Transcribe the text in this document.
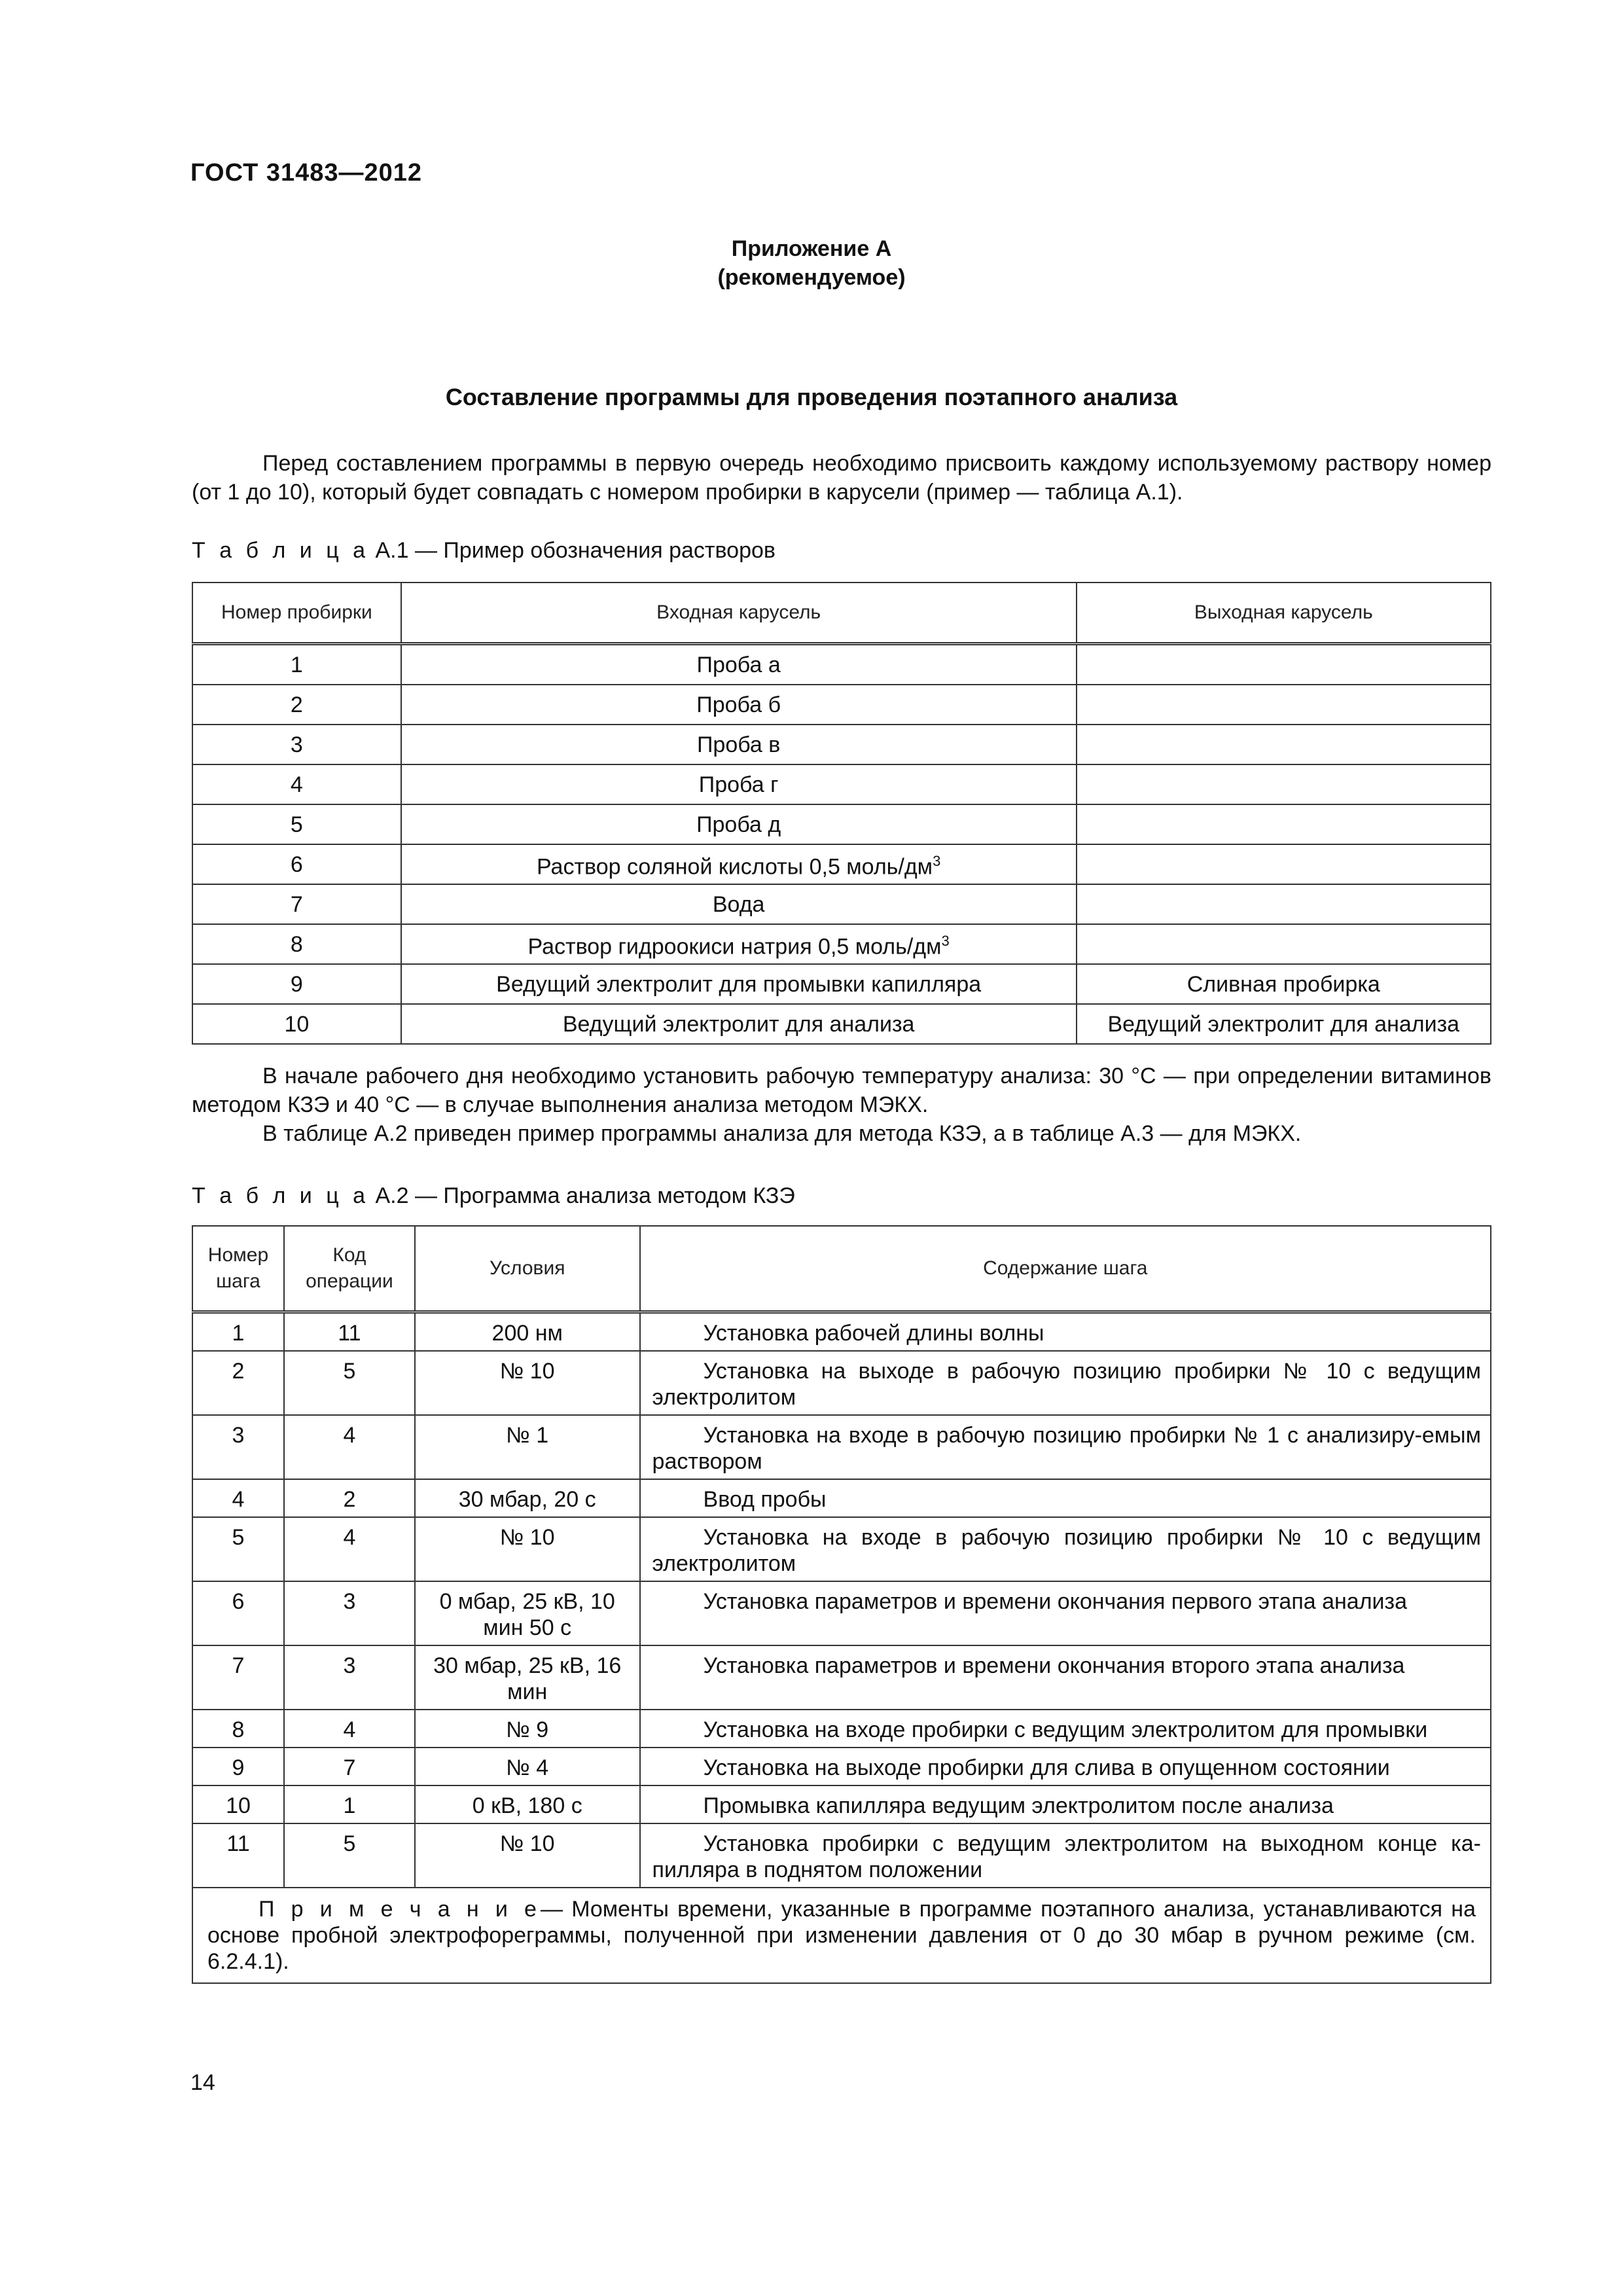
ГОСТ 31483—2012
Приложение А
(рекомендуемое)
Составление программы для проведения поэтапного анализа
Перед составлением программы в первую очередь необходимо присвоить каждому используемому раствору номер (от 1 до 10), который будет совпадать с номером пробирки в карусели (пример — таблица А.1).
Т а б л и ц а А.1 — Пример обозначения растворов
Номер пробирки	Входная карусель	Выходная карусель
1	Проба а	
2	Проба б	
3	Проба в	
4	Проба г	
5	Проба д	
6	Раствор соляной кислоты 0,5 моль/$дм^3$	
7	Вода	
8	Раствор гидроокиси натрия 0,5 моль/$дм^3$	
9	Ведущий электролит для промывки капилляра	Сливная пробирка
10	Ведущий электролит для анализа	Ведущий электролит для анализа
В начале рабочего дня необходимо установить рабочую температуру анализа: 30 °С — при определении витаминов методом КЗЭ и 40 °С — в случае выполнения анализа методом МЭКХ.
В таблице А.2 приведен пример программы анализа для метода КЗЭ, а в таблице А.3 — для МЭКХ.
Т а б л и ц а А.2 — Программа анализа методом КЗЭ
Номер шага	Код операции	Условия	Содержание шага
1	11	200 нм	Установка рабочей длины волны
2	5	№ 10	Установка на выходе в рабочую позицию пробирки № 10 с ведущим электролитом
3	4	№ 1	Установка на входе в рабочую позицию пробирки № 1 с анализиру-емым раствором
4	2	30 мбар, 20 с	Ввод пробы
5	4	№ 10	Установка на входе в рабочую позицию пробирки № 10 с ведущим электролитом
6	3	0 мбар, 25 кВ, 10 мин 50 с	Установка параметров и времени окончания первого этапа анализа
7	3	30 мбар, 25 кВ, 16 мин	Установка параметров и времени окончания второго этапа анализа
8	4	№ 9	Установка на входе пробирки с ведущим электролитом для промывки
9	7	№ 4	Установка на выходе пробирки для слива в опущенном состоянии
10	1	0 кВ, 180 с	Промывка капилляра ведущим электролитом после анализа
11	5	№ 10	Установка пробирки с ведущим электролитом на выходном конце ка-пилляра в поднятом положении
П р и м е ч а н и е— Моменты времени, указанные в программе поэтапного анализа, устанавливаются на основе пробной электрофореграммы, полученной при изменении давления от 0 до 30 мбар в ручном режиме (см. 6.2.4.1).			
14
